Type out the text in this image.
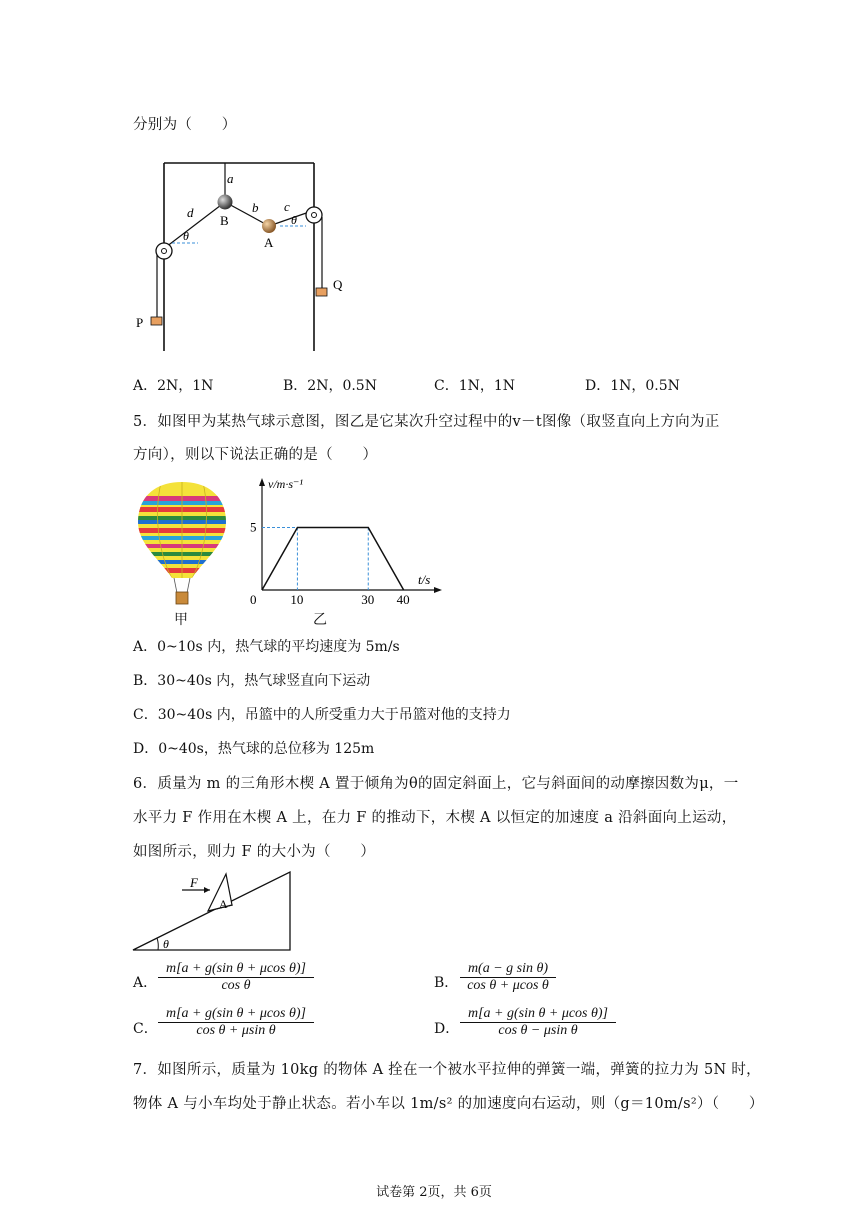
分别为（　　）
a
b c
d
B
A
θ
θ
P
Q
A．2N，1N	B．2N，0.5N	C．1N，1N	D．1N，0.5N
5．如图甲为某热气球示意图，图乙是它某次升空过程中的v－t图像（取竖直向上方向为正
方向），则以下说法正确的是（　　）
甲
v/m·s⁻¹
t/s
0	10	30 40
5
乙
A．0~10s 内，热气球的平均速度为 5m/s
B．30~40s 内，热气球竖直向下运动
C．30~40s 内，吊篮中的人所受重力大于吊篮对他的支持力
D．0~40s，热气球的总位移为 125m
6．质量为 m 的三角形木楔 A 置于倾角为θ的固定斜面上，它与斜面间的动摩擦因数为μ，一
水平力 F 作用在木楔 A 上，在力 F 的推动下，木楔 A 以恒定的加速度 a 沿斜面向上运动，
如图所示，则力 F 的大小为（　　）
F
A
θ
A． $\frac{\text{m[a + g(sin θ + μcos θ)]}}{\text{cos θ}}$	B． $\frac{\text{m(a − g sin θ)}}{\text{cos θ + μcos θ}}$
C． $\frac{\text{m[a + g(sin θ + μcos θ)]}}{\text{cos θ + μsin θ}}$	D． $\frac{\text{m[a + g(sin θ + μcos θ)]}}{\text{cos θ − μsin θ}}$
7．如图所示，质量为 10kg 的物体 A 拴在一个被水平拉伸的弹簧一端，弹簧的拉力为 5N 时，
物体 A 与小车均处于静止状态。若小车以 1m/s² 的加速度向右运动，则（g＝10m/s²）（　　）
试卷第 2页，共 6页
